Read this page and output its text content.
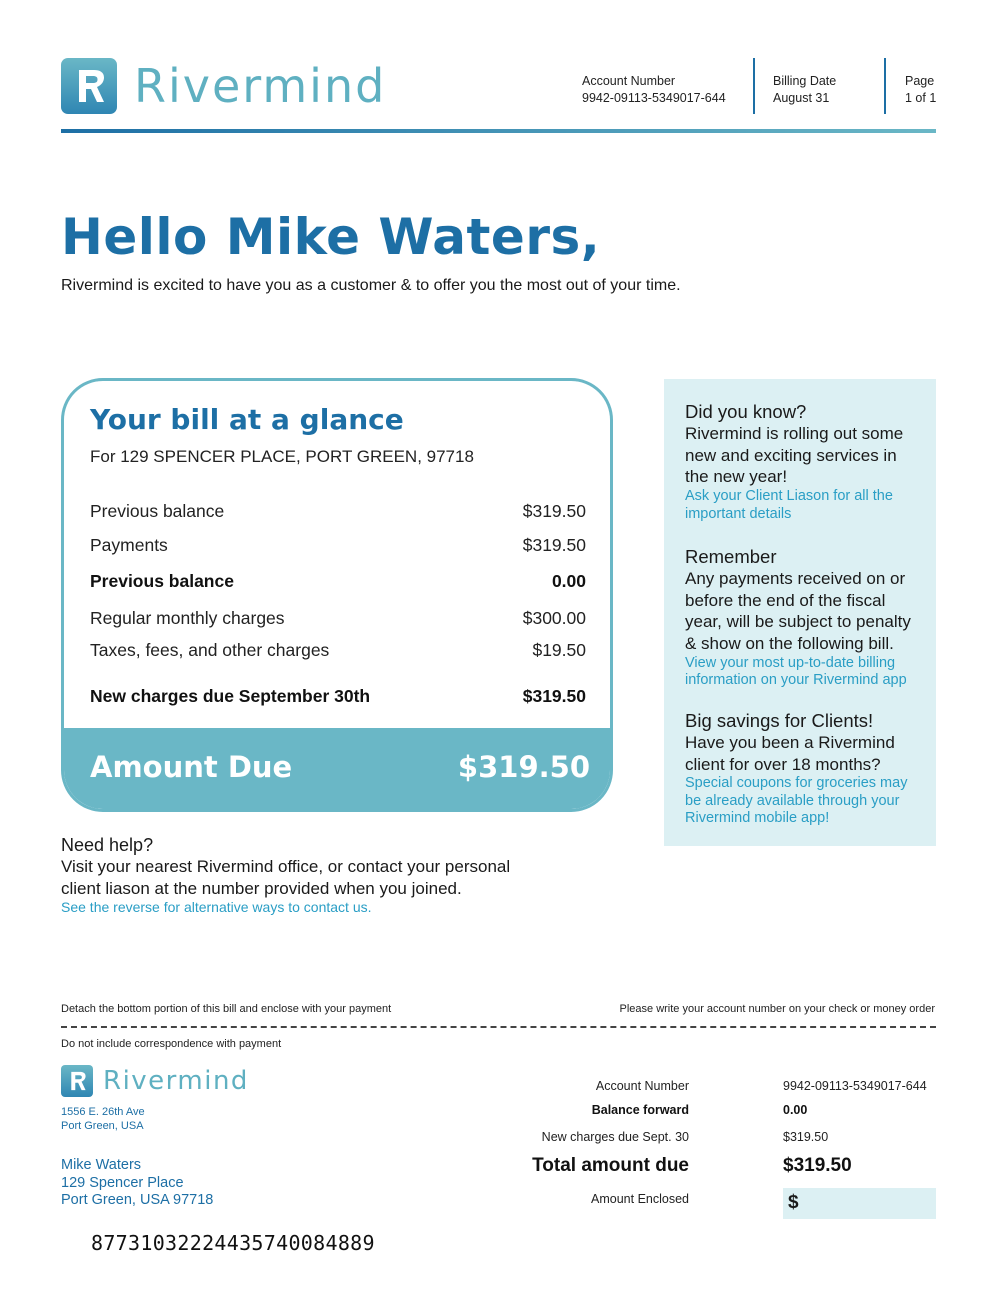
Rivermind	Account Number
9942-09113-5349017-644
Billing Date
August 31
Page
1 of 1
Hello Mike Waters,
Rivermind is excited to have you as a customer & to offer you the most out of your time.
Your bill at a glance
For 129 SPENCER PLACE, PORT GREEN, 97718
Previous balance	$319.50
Payments	$319.50
Previous balance	0.00
Regular monthly charges	$300.00
Taxes, fees, and other charges	$19.50
New charges due September 30th	$319.50
Amount Due	$319.50
Did you know?

Rivermind is rolling out some new and exciting services in the new year!

Ask your Client Liason for all the important details
Remember

Any payments received on or before the end of the fiscal year, will be subject to penalty & show on the following bill.

View your most up-to-date billing information on your Rivermind app
Big savings for Clients!

Have you been a Rivermind client for over 18 months?

Special coupons for groceries may be already available through your Rivermind mobile app!
Need help?

Visit your nearest Rivermind office, or contact your personal client liason at the number provided when you joined.

See the reverse for alternative ways to contact us.
Detach the bottom portion of this bill and enclose with your payment	Please write your account number on your check or money order
Do not include correspondence with payment
Rivermind
1556 E. 26th Ave
Port Green, USA
Mike Waters
129 Spencer Place
Port Green, USA 97718
Account Number	9942-09113-5349017-644
Balance forward	0.00
New charges due Sept. 30	$319.50
Total amount due	$319.50
Amount Enclosed	$
87731032224435740084889
